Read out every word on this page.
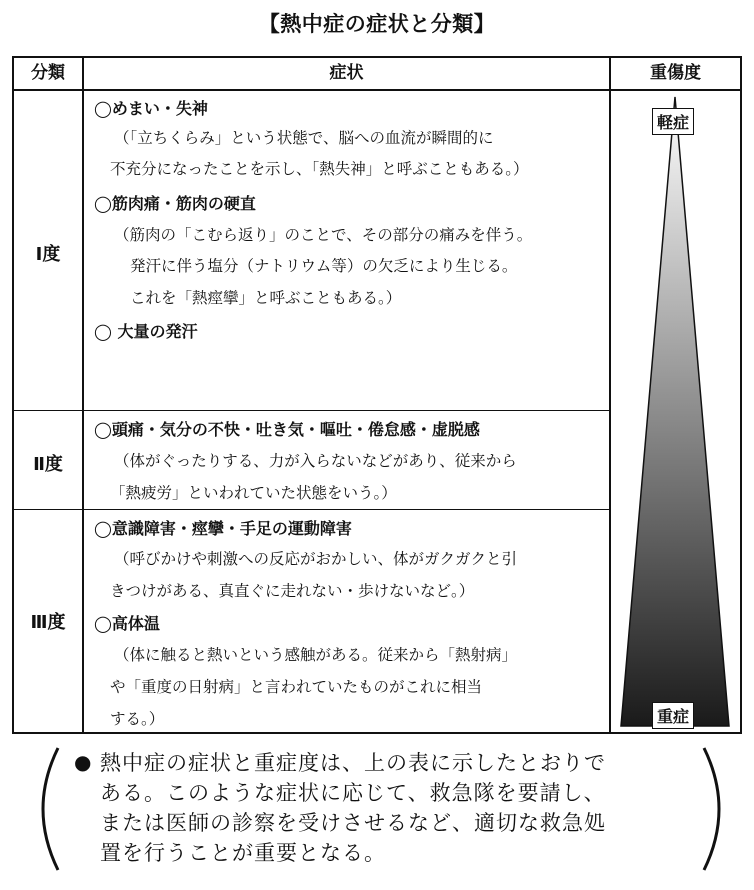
【熱中症の症状と分類】
分類	症状	重傷度
Ⅰ度
◯めまい・失神
（「立ちくらみ」という状態で、脳への血流が瞬間的に
不充分になったことを示し、「熱失神」と呼ぶこともある。）
◯筋肉痛・筋肉の硬直
（筋肉の「こむら返り」のことで、その部分の痛みを伴う。
発汗に伴う塩分（ナトリウム等）の欠乏により生じる。
これを「熱痙攣」と呼ぶこともある。）
◯ 大量の発汗
Ⅱ度
◯頭痛・気分の不快・吐き気・嘔吐・倦怠感・虚脱感
（体がぐったりする、力が入らないなどがあり、従来から
「熱疲労」といわれていた状態をいう。）
Ⅲ度
◯意識障害・痙攣・手足の運動障害
（呼びかけや刺激への反応がおかしい、体がガクガクと引
きつけがある、真直ぐに走れない・歩けないなど。）
◯高体温
（体に触ると熱いという感触がある。従来から「熱射病」
や「重度の日射病」と言われていたものがこれに相当
する。）
軽症
重症
● 熱中症の症状と重症度は、上の表に示したとおりで
ある。このような症状に応じて、救急隊を要請し、
または医師の診察を受けさせるなど、適切な救急処
置を行うことが重要となる。
